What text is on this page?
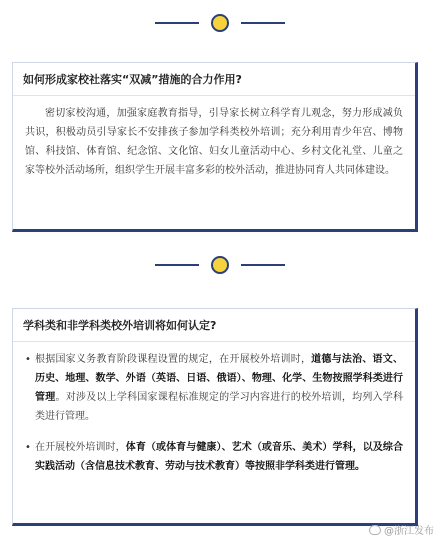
如何形成家校社落实“双减”措施的合力作用?

密切家校沟通，加强家庭教育指导，引导家长树立科学育儿观念，努力形成减负共识，积极动员引导家长不安排孩子参加学科类校外培训；充分利用青少年宫、博物馆、科技馆、体育馆、纪念馆、文化馆、妇女儿童活动中心、乡村文化礼堂、儿童之家等校外活动场所，组织学生开展丰富多彩的校外活动，推进协同育人共同体建设。

学科类和非学科类校外培训将如何认定?
• 根据国家义务教育阶段课程设置的规定，在开展校外培训时，道德与法治、语文、历史、地理、数学、外语（英语、日语、俄语）、物理、化学、生物按照学科类进行管理。对涉及以上学科国家课程标准规定的学习内容进行的校外培训，均列入学科类进行管理。
• 在开展校外培训时，体育（或体育与健康）、艺术（或音乐、美术）学科，以及综合实践活动（含信息技术教育、劳动与技术教育）等按照非学科类进行管理。
@浙江发布
